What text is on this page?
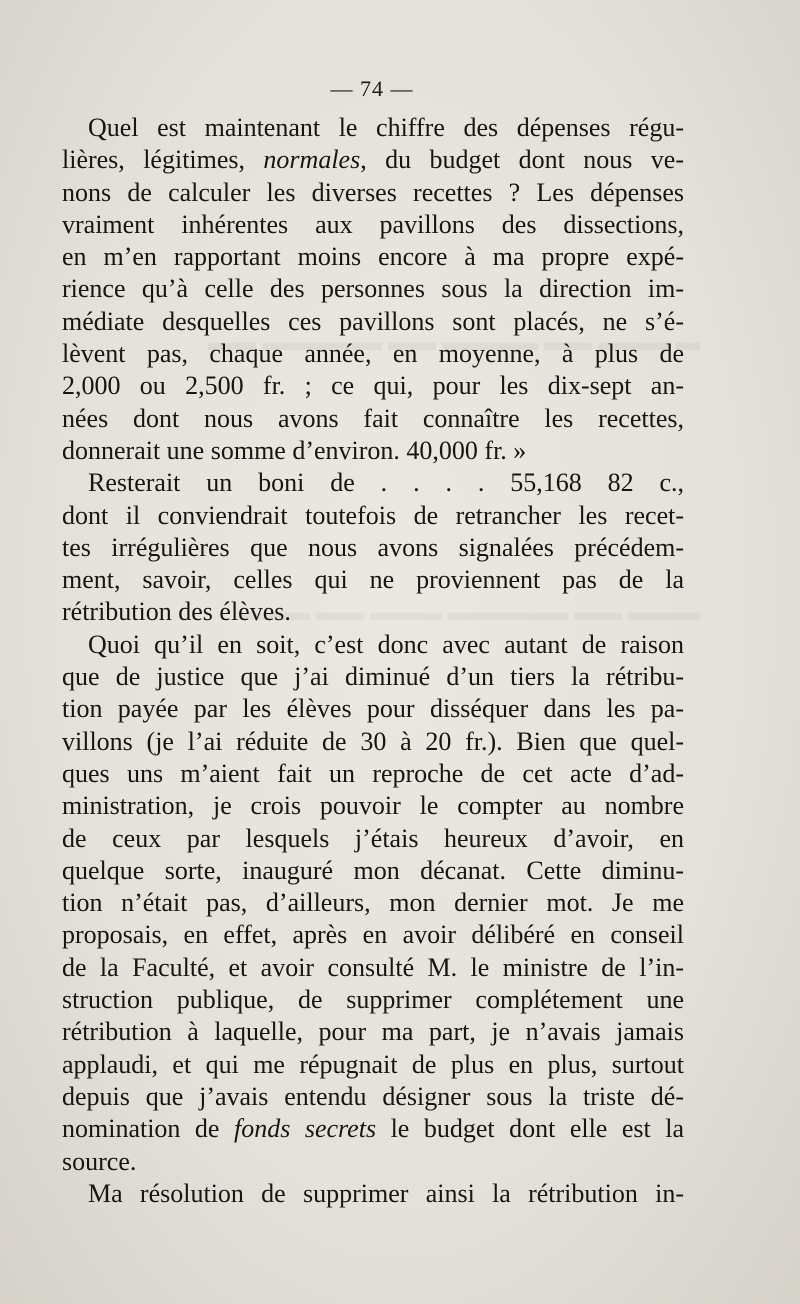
— 74 —
Quel est maintenant le chiffre des dépenses régu-
lières, légitimes, normales, du budget dont nous ve-
nons de calculer les diverses recettes ? Les dépenses
vraiment inhérentes aux pavillons des dissections,
en m’en rapportant moins encore à ma propre expé-
rience qu’à celle des personnes sous la direction im-
médiate desquelles ces pavillons sont placés, ne s’é-
lèvent pas, chaque année, en moyenne, à plus de
2,000 ou 2,500 fr. ; ce qui, pour les dix-sept an-
nées dont nous avons fait connaître les recettes,
donnerait une somme d’environ. 40,000 fr. »
Resterait un boni de . . . . 55,168 82 c.,
dont il conviendrait toutefois de retrancher les recet-
tes irrégulières que nous avons signalées précédem-
ment, savoir, celles qui ne proviennent pas de la
rétribution des élèves.
Quoi qu’il en soit, c’est donc avec autant de raison
que de justice que j’ai diminué d’un tiers la rétribu-
tion payée par les élèves pour disséquer dans les pa-
villons (je l’ai réduite de 30 à 20 fr.). Bien que quel-
ques uns m’aient fait un reproche de cet acte d’ad-
ministration, je crois pouvoir le compter au nombre
de ceux par lesquels j’étais heureux d’avoir, en
quelque sorte, inauguré mon décanat. Cette diminu-
tion n’était pas, d’ailleurs, mon dernier mot. Je me
proposais, en effet, après en avoir délibéré en conseil
de la Faculté, et avoir consulté M. le ministre de l’in-
struction publique, de supprimer complétement une
rétribution à laquelle, pour ma part, je n’avais jamais
applaudi, et qui me répugnait de plus en plus, surtout
depuis que j’avais entendu désigner sous la triste dé-
nomination de fonds secrets le budget dont elle est la
source.
Ma résolution de supprimer ainsi la rétribution in-
